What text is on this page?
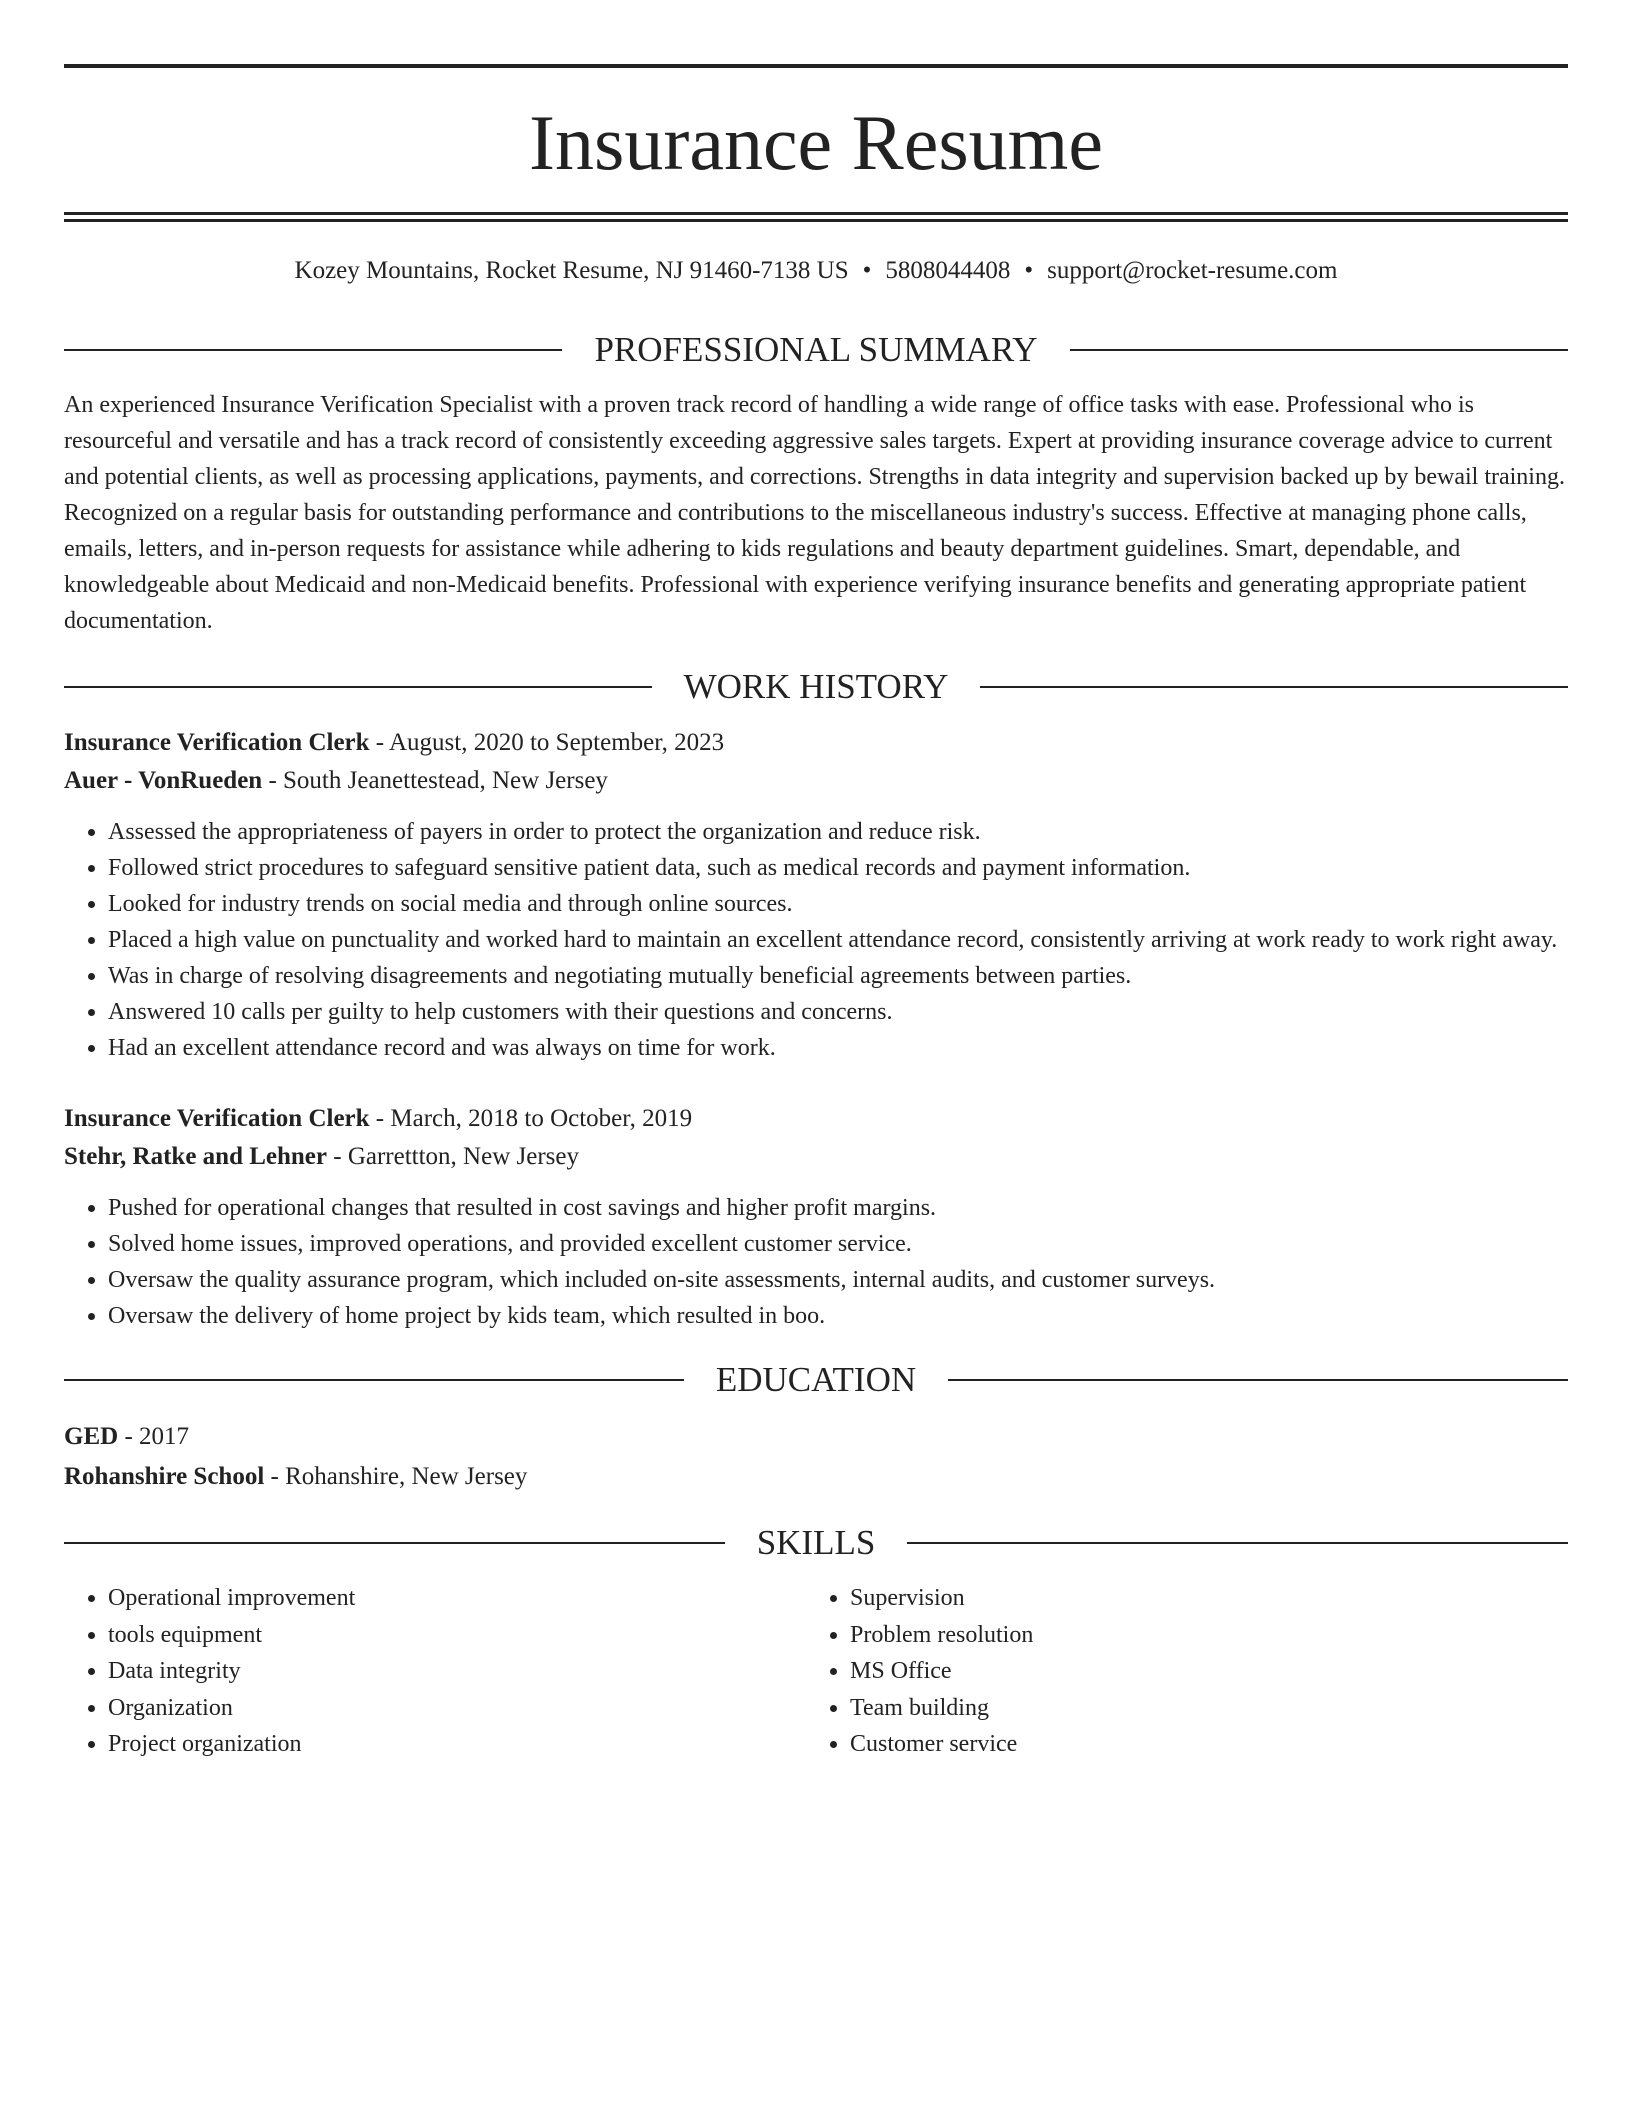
Insurance Resume
Kozey Mountains, Rocket Resume, NJ 91460-7138 US • 5808044408 • support@rocket-resume.com
PROFESSIONAL SUMMARY

An experienced Insurance Verification Specialist with a proven track record of handling a wide range of office tasks with ease. Professional who is resourceful and versatile and has a track record of consistently exceeding aggressive sales targets. Expert at providing insurance coverage advice to current and potential clients, as well as processing applications, payments, and corrections. Strengths in data integrity and supervision backed up by bewail training. Recognized on a regular basis for outstanding performance and contributions to the miscellaneous industry's success. Effective at managing phone calls, emails, letters, and in-person requests for assistance while adhering to kids regulations and beauty department guidelines. Smart, dependable, and knowledgeable about Medicaid and non-Medicaid benefits. Professional with experience verifying insurance benefits and generating appropriate patient documentation.

WORK HISTORY
Insurance Verification Clerk - August, 2020 to September, 2023
Auer - VonRueden - South Jeanettestead, New Jersey
• Assessed the appropriateness of payers in order to protect the organization and reduce risk.
• Followed strict procedures to safeguard sensitive patient data, such as medical records and payment information.
• Looked for industry trends on social media and through online sources.
• Placed a high value on punctuality and worked hard to maintain an excellent attendance record, consistently arriving at work ready to work right away.
• Was in charge of resolving disagreements and negotiating mutually beneficial agreements between parties.
• Answered 10 calls per guilty to help customers with their questions and concerns.
• Had an excellent attendance record and was always on time for work.
Insurance Verification Clerk - March, 2018 to October, 2019
Stehr, Ratke and Lehner - Garrettton, New Jersey
• Pushed for operational changes that resulted in cost savings and higher profit margins.
• Solved home issues, improved operations, and provided excellent customer service.
• Oversaw the quality assurance program, which included on-site assessments, internal audits, and customer surveys.
• Oversaw the delivery of home project by kids team, which resulted in boo.
EDUCATION
GED - 2017
Rohanshire School - Rohanshire, New Jersey
SKILLS
• Operational improvement
• tools equipment
• Data integrity
• Organization
• Project organization
• Supervision
• Problem resolution
• MS Office
• Team building
• Customer service
